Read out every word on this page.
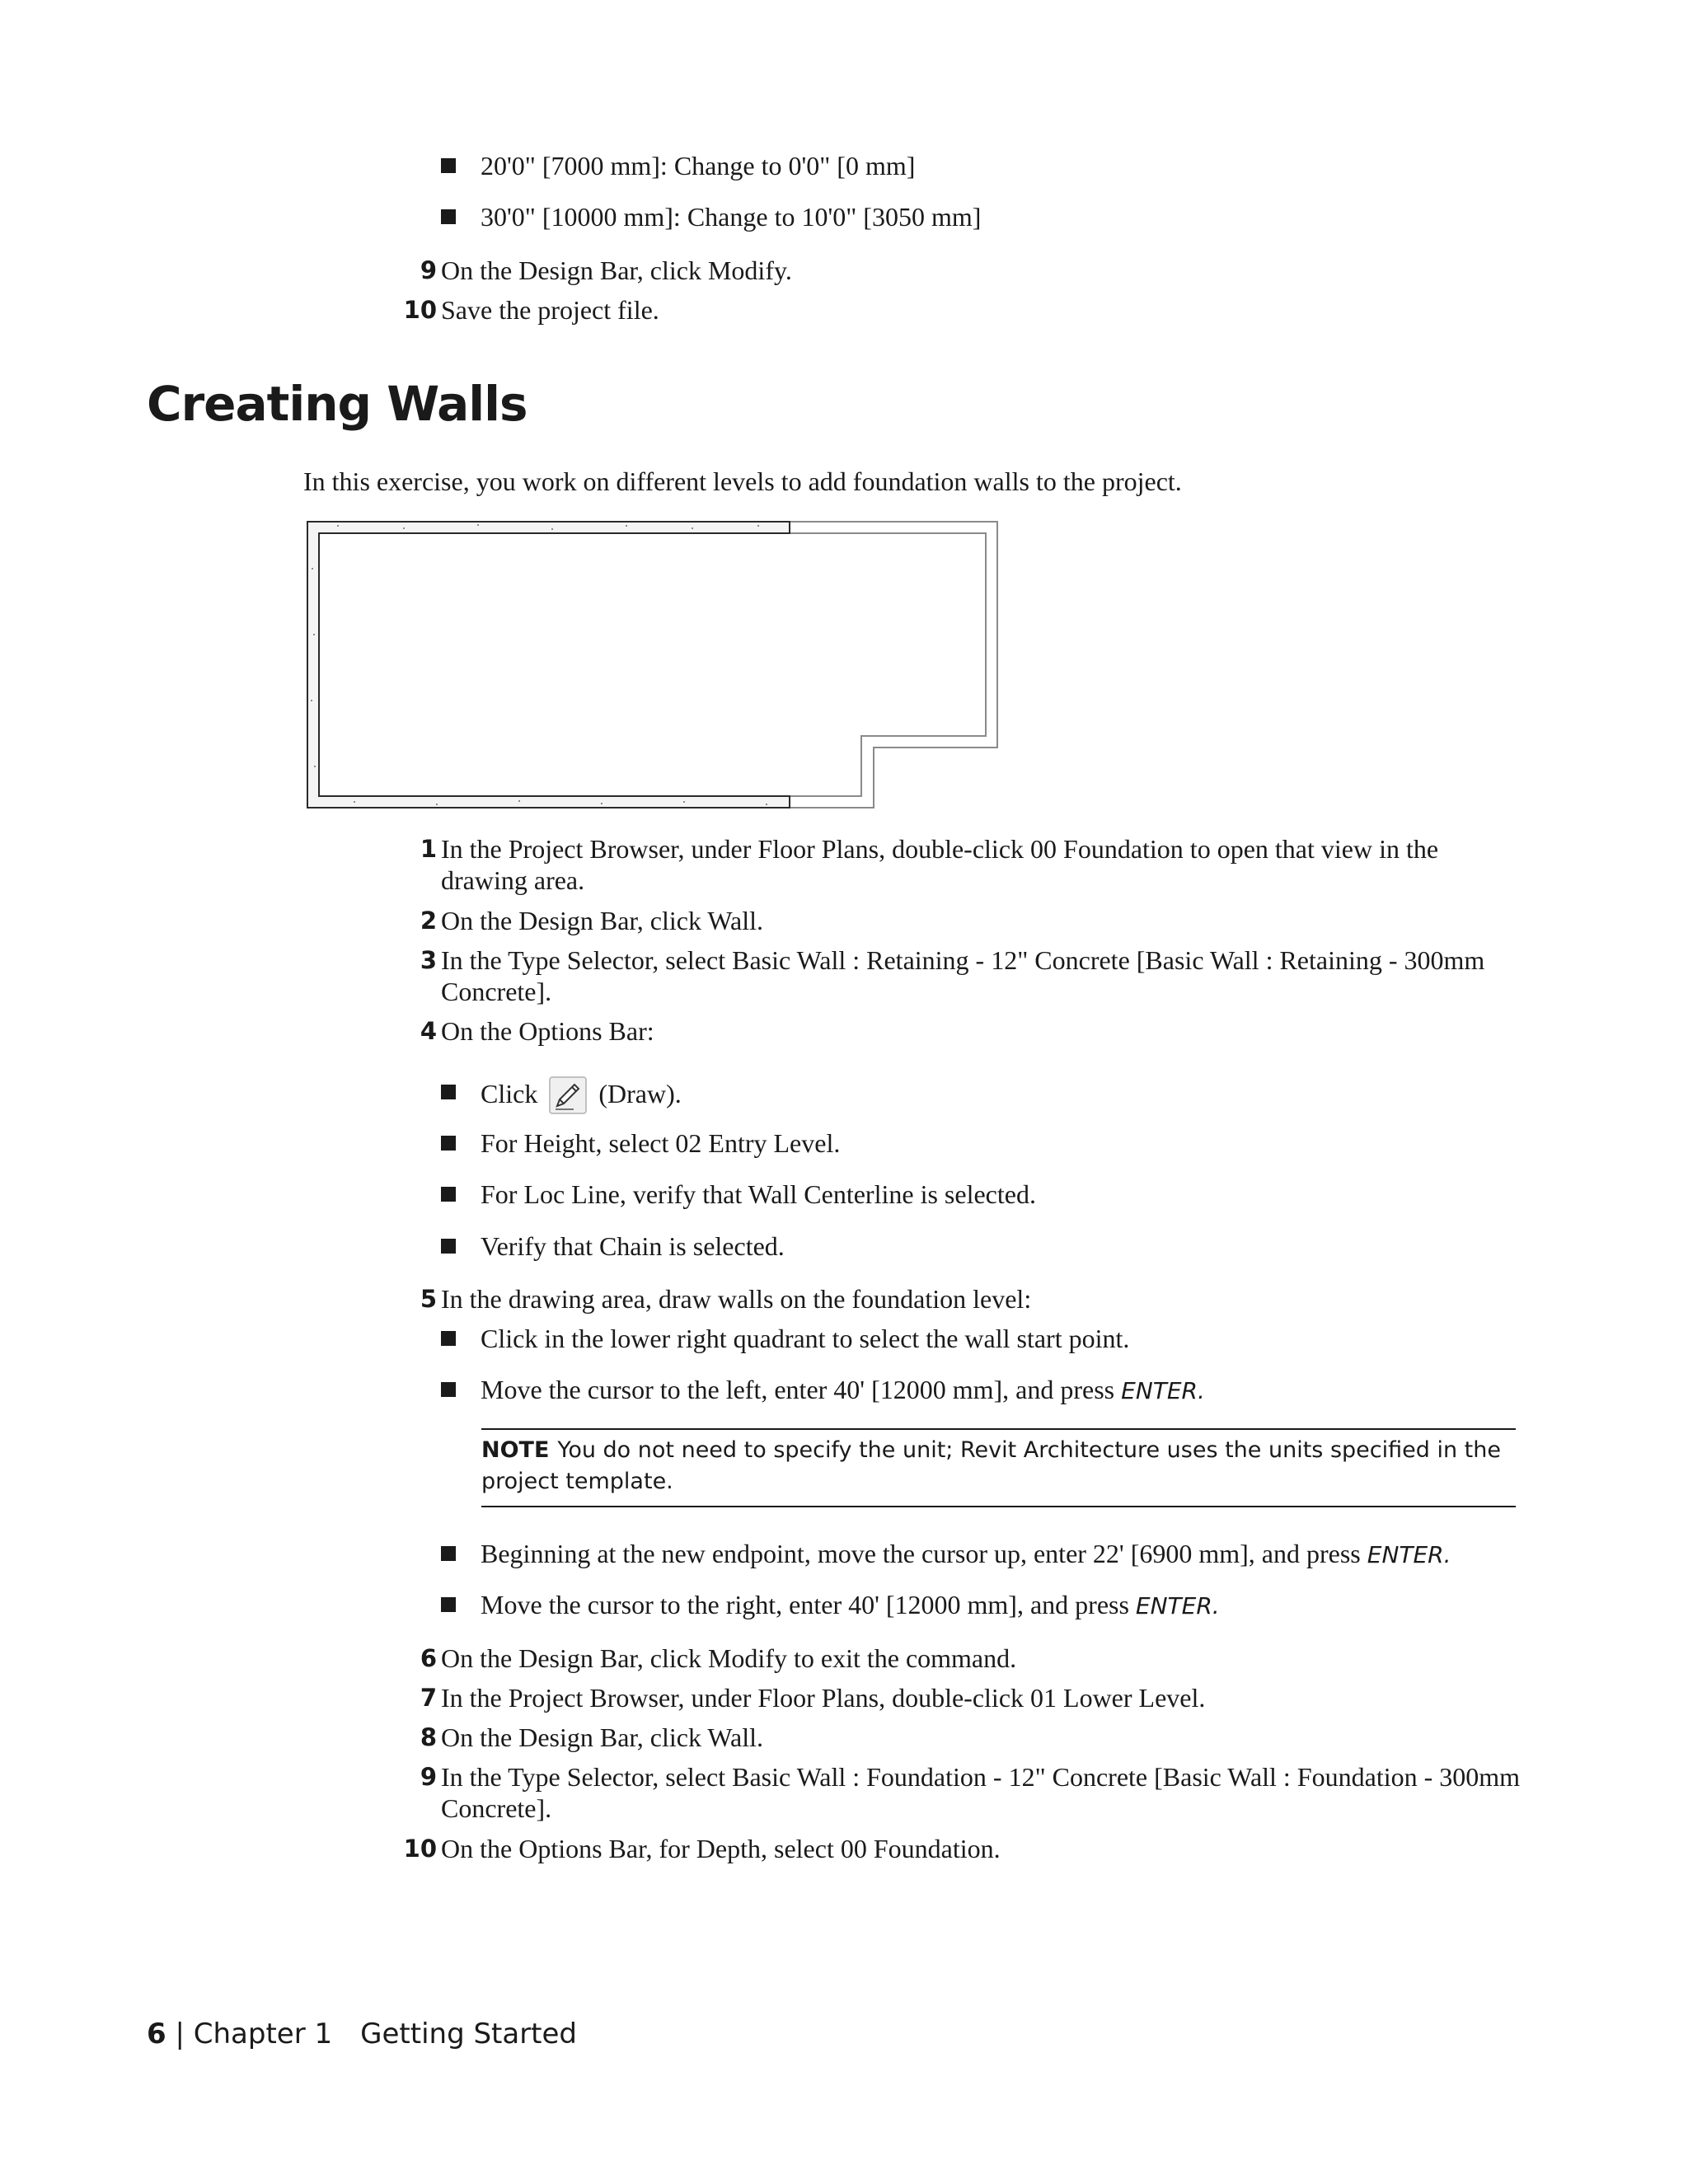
20'0" [7000 mm]: Change to 0'0" [0 mm]
30'0" [10000 mm]: Change to 10'0" [3050 mm]
9 On the Design Bar, click Modify.
10 Save the project file.
Creating Walls
In this exercise, you work on different levels to add foundation walls to the project.
1 In the Project Browser, under Floor Plans, double-click 00 Foundation to open that view in the drawing area.
2 On the Design Bar, click Wall.
3 In the Type Selector, select Basic Wall : Retaining - 12" Concrete [Basic Wall : Retaining - 300mm Concrete].
4 On the Options Bar:
Click (Draw).
For Height, select 02 Entry Level.
For Loc Line, verify that Wall Centerline is selected.
Verify that Chain is selected.
5 In the drawing area, draw walls on the foundation level:
Click in the lower right quadrant to select the wall start point.
Move the cursor to the left, enter 40' [12000 mm], and press ENTER.
NOTE You do not need to specify the unit; Revit Architecture uses the units specified in the project template.
Beginning at the new endpoint, move the cursor up, enter 22' [6900 mm], and press ENTER.
Move the cursor to the right, enter 40' [12000 mm], and press ENTER.
6 On the Design Bar, click Modify to exit the command.
7 In the Project Browser, under Floor Plans, double-click 01 Lower Level.
8 On the Design Bar, click Wall.
9 In the Type Selector, select Basic Wall : Foundation - 12" Concrete [Basic Wall : Foundation - 300mm Concrete].
10 On the Options Bar, for Depth, select 00 Foundation.
6 | Chapter 1 Getting Started
